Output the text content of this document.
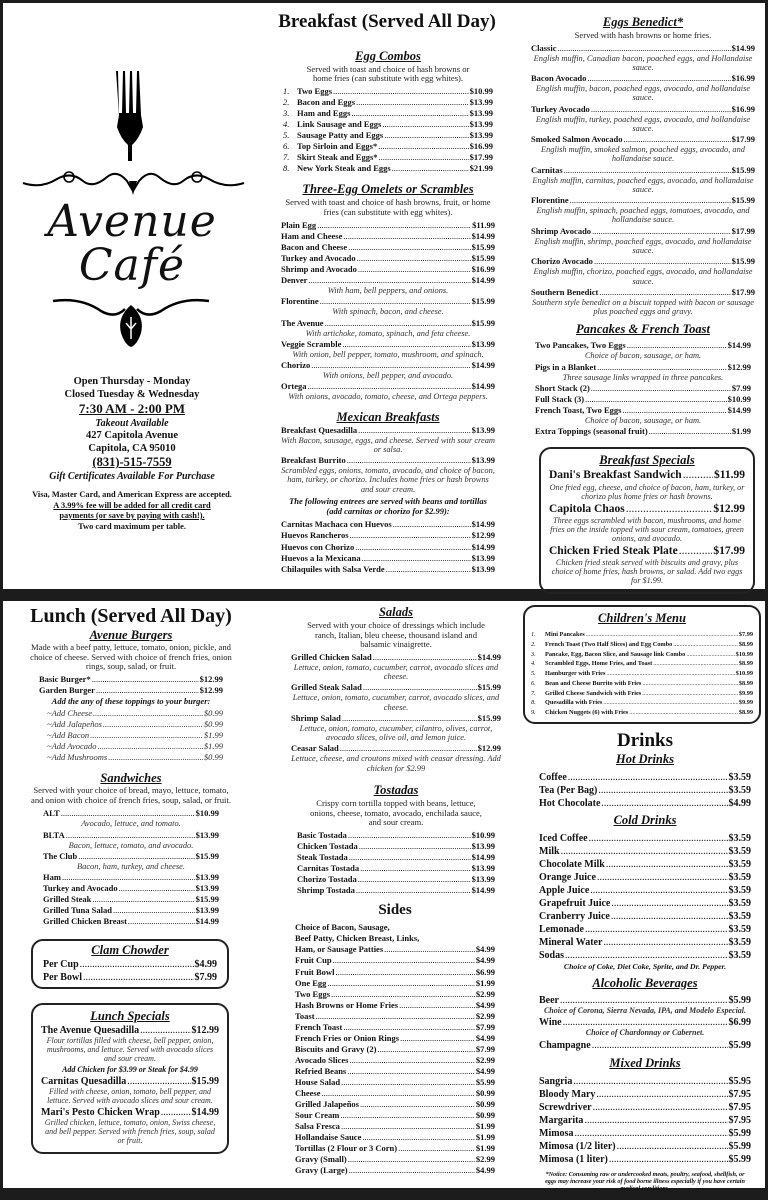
Avenue
Café
Open Thursday - Monday
Closed Tuesday & Wednesday
7:30 AM - 2:00 PM
Takeout Available
427 Capitola Avenue
Capitola, CA 95010
(831)-515-7559
Gift Certificates Available For Purchase
Visa, Master Card, and American Express are accepted.
A 3.99% fee will be added for all credit card
payments (or save by paying with cash!).
Two card maximum per table.
Breakfast (Served All Day)
Egg Combos
Served with toast and choice of hash browns or home fries (can substitute with egg whites).
1. Two Eggs .....	$10.99
2. Bacon and Eggs .....	$13.99
3. Ham and Eggs .....	$13.99
4. Link Sausage and Eggs .....	$13.99
5. Sausage Patty and Eggs .....	$13.99
6. Top Sirloin and Eggs* .....	$16.99
7. Skirt Steak and Eggs* .....	$17.99
8. New York Steak and Eggs .....	$21.99
Three-Egg Omelets or Scrambles
Served with toast and choice of hash browns, fruit, or home fries (can substitute with egg whites).
Plain Egg .....	$11.99
Ham and Cheese .....	$14.99
Bacon and Cheese .....	$15.99
Turkey and Avocado .....	$15.99
Shrimp and Avocado .....	$16.99
Denver .....	$14.99
With ham, bell peppers, and onions.
Florentine .....	$15.99
With spinach, bacon, and cheese.
The Avenue .....	$15.99
With artichoke, tomato, spinach, and feta cheese.
Veggie Scramble .....	$13.99
With onion, bell pepper, tomato, mushroom, and spinach.
Chorizo .....	$14.99
With onions, bell pepper, and avocado.
Ortega .....	$14.99
With onions, avocado, tomato, cheese, and Ortega peppers.
Mexican Breakfasts
Breakfast Quesadilla .....	$13.99
With Bacon, sausage, eggs, and cheese. Served with sour cream or salsa.
Breakfast Burrito .....	$13.99
Scrambled eggs, onions, tomato, avocado, and choice of bacon, ham, turkey, or chorizo. Includes home fries or hash browns and sour cream.
The following entrees are served with beans and tortillas (add carnitas or chorizo for $2.99):
Carnitas Machaca con Huevos .....	$14.99
Huevos Rancheros .....	$12.99
Huevos con Chorizo .....	$14.99
Huevos a la Mexicana .....	$13.99
Chilaquiles with Salsa Verde .....	$13.99
Eggs Benedict*
Served with hash browns or home fries.
Classic .....	$14.99
English muffin, Canadian bacon, poached eggs, and Hollandaise sauce.
Bacon Avocado .....	$16.99
English muffin, bacon, poached eggs, avocado, and hollandaise sauce.
Turkey Avocado .....	$16.99
English muffin, turkey, poached eggs, avocado, and hollandaise sauce.
Smoked Salmon Avocado .....	$17.99
English muffin, smoked salmon, poached eggs, avocado, and hollandaise sauce.
Carnitas .....	$15.99
English muffin, carnitas, poached eggs, avocado, and hollandaise sauce.
Florentine .....	$15.99
English muffin, spinach, poached eggs, tomatoes, avocado, and hollandaise sauce.
Shrimp Avocado .....	$17.99
English muffin, shrimp, poached eggs, avocado, and hollandaise sauce.
Chorizo Avocado .....	$15.99
English muffin, chorizo, poached eggs, avocado, and hollandaise sauce.
Southern Benedict .....	$17.99
Southern style benedict on a biscuit topped with bacon or sausage plus poached eggs and gravy.
Pancakes & French Toast
Two Pancakes, Two Eggs .....	$14.99
Choice of bacon, sausage, or ham.
Pigs in a Blanket .....	$12.99
Three sausage links wrapped in three pancakes.
Short Stack (2) .....	$7.99
Full Stack (3) .....	$10.99
French Toast, Two Eggs .....	$14.99
Choice of bacon, sausage, or ham.
Extra Toppings (seasonal fruit) .....	$1.99
Breakfast Specials
Dani's Breakfast Sandwich .....	$11.99
One fried egg, cheese, and choice of bacon, ham, turkey, or chorizo plus home fries or hash browns.
Capitola Chaos .....	$12.99
Three eggs scrambled with bacon, mushrooms, and home fries on the inside topped with sour cream, tomatoes, green onions, and avocado.
Chicken Fried Steak Plate .....	$17.99
Chicken fried steak served with biscuits and gravy, plus choice of home fries, hash browns, or salad. Add two eggs for $1.99.
Lunch (Served All Day)
Avenue Burgers
Made with a beef patty, lettuce, tomato, onion, pickle, and choice of cheese. Served with choice of french fries, onion rings, soup, salad, or fruit.
Basic Burger* .....	$12.99
Garden Burger .....	$12.99
Add the any of these toppings to your burger:
~Add Cheese .....	$0.99
~Add Jalapeños .....	$0.99
~Add Bacon .....	$1.99
~Add Avocado .....	$1.99
~Add Mushrooms .....	$0.99
Sandwiches
Served with your choice of bread, mayo, lettuce, tomato, and onion with choice of french fries, soup, salad, or fruit.
ALT .....	$10.99
Avocado, lettuce, and tomato.
BLTA .....	$13.99
Bacon, lettuce, tomato, and avocado.
The Club .....	$15.99
Bacon, ham, turkey, and cheese.
Ham .....	$13.99
Turkey and Avocado .....	$13.99
Grilled Steak .....	$15.99
Grilled Tuna Salad .....	$13.99
Grilled Chicken Breast .....	$14.99
Clam Chowder
Per Cup .....	$4.99
Per Bowl .....	$7.99
Lunch Specials
The Avenue Quesadilla .....	$12.99
Flour tortillas filled with cheese, bell pepper, onion, mushrooms, and lettuce. Served with avocado slices and sour cream.
Add Chicken for $3.99 or Steak for $4.99
Carnitas Quesadilla .....	$15.99
Filled with cheese, onion, tomato, bell pepper, and lettuce. Served with avocado slices and sour cream.
Mari's Pesto Chicken Wrap .....	$14.99
Grilled chicken, lettuce, tomato, onion, Swiss cheese, and bell pepper. Served with french fries, soup, salad or fruit.
Salads
Served with your choice of dressings which include ranch, Italian, bleu cheese, thousand island and balsamic vinaigrette.
Grilled Chicken Salad .....	$14.99
Lettuce, onion, tomato, cucumber, carrot, avocado slices and cheese.
Grilled Steak Salad .....	$15.99
Lettuce, onion, tomato, cucumber, carrot, avocado slices, and cheese.
Shrimp Salad .....	$15.99
Lettuce, onion, tomato, cucumber, cilantro, olives, carrot, avocado slices, olive oil, and lemon juice.
Ceasar Salad .....	$12.99
Lettuce, cheese, and croutons mixed with ceasar dressing. Add chicken for $2.99
Tostadas
Crispy corn tortilla topped with beans, lettuce, onions, cheese, tomato, avocado, enchilada sauce, and sour cream.
Basic Tostada .....	$10.99
Chicken Tostada .....	$13.99
Steak Tostada .....	$14.99
Carnitas Tostada .....	$13.99
Chorizo Tostada .....	$13.99
Shrimp Tostada .....	$14.99
Sides
Choice of Bacon, Sausage,
Beef Patty, Chicken Breast, Links,
Ham, or Sausage Patties .....	$4.99
Fruit Cup .....	$4.99
Fruit Bowl .....	$6.99
One Egg .....	$1.99
Two Eggs .....	$2.99
Hash Browns or Home Fries .....	$4.99
Toast .....	$2.99
French Toast .....	$7.99
French Fries or Onion Rings .....	$4.99
Biscuits and Gravy (2) .....	$7.99
Avocado Slices .....	$2.99
Refried Beans .....	$4.99
House Salad .....	$5.99
Cheese .....	$0.99
Grilled Jalapeños .....	$0.99
Sour Cream .....	$0.99
Salsa Fresca .....	$1.99
Hollandaise Sauce .....	$1.99
Tortillas (2 Flour or 3 Corn) .....	$1.99
Gravy (Small) .....	$2.99
Gravy (Large) .....	$4.99
Children's Menu
1.	Mini Pancakes .....	$7.99
2.	French Toast (Two Half Slices) and Egg Combo .....	$8.99
3.	Pancake, Egg, Bacon Slice, and Sausage link Combo .....	$10.99
4.	Scrambled Eggs, Home Fries, and Toast .....	$8.99
5.	Hamburger with Fries .....	$10.99
6.	Bean and Cheese Burrito with Fries .....	$8.99
7.	Grilled Cheese Sandwich with Fries .....	$9.99
8.	Quesadilla with Fries .....	$9.99
9.	Chicken Nuggets (6) with Fries .....	$8.99
Drinks
Hot Drinks
Coffee .....	$3.59
Tea (Per Bag) .....	$3.59
Hot Chocolate .....	$4.99
Cold Drinks
Iced Coffee .....	$3.59
Milk .....	$3.59
Chocolate Milk .....	$3.59
Orange Juice .....	$3.59
Apple Juice .....	$3.59
Grapefruit Juice .....	$3.59
Cranberry Juice .....	$3.59
Lemonade .....	$3.59
Mineral Water .....	$3.59
Sodas .....	$3.59
Choice of Coke, Diet Coke, Sprite, and Dr. Pepper.
Alcoholic Beverages
Beer .....	$5.99
Choice of Corona, Sierra Nevada, IPA, and Modelo Especial.
Wine .....	$6.99
Choice of Chardonnay or Cabernet.
Champagne .....	$5.99
Mixed Drinks
Sangria .....	$5.95
Bloody Mary .....	$7.95
Screwdriver .....	$7.95
Margarita .....	$7.95
Mimosa .....	$5.99
Mimosa (1/2 liter) .....	$5.99
Mimosa (1 liter) .....	$5.99
*Notice: Consuming raw or undercooked meats, poultry, seafood, shellfish, or eggs may increase your risk of food borne illness especially if you have certain medical conditions.
